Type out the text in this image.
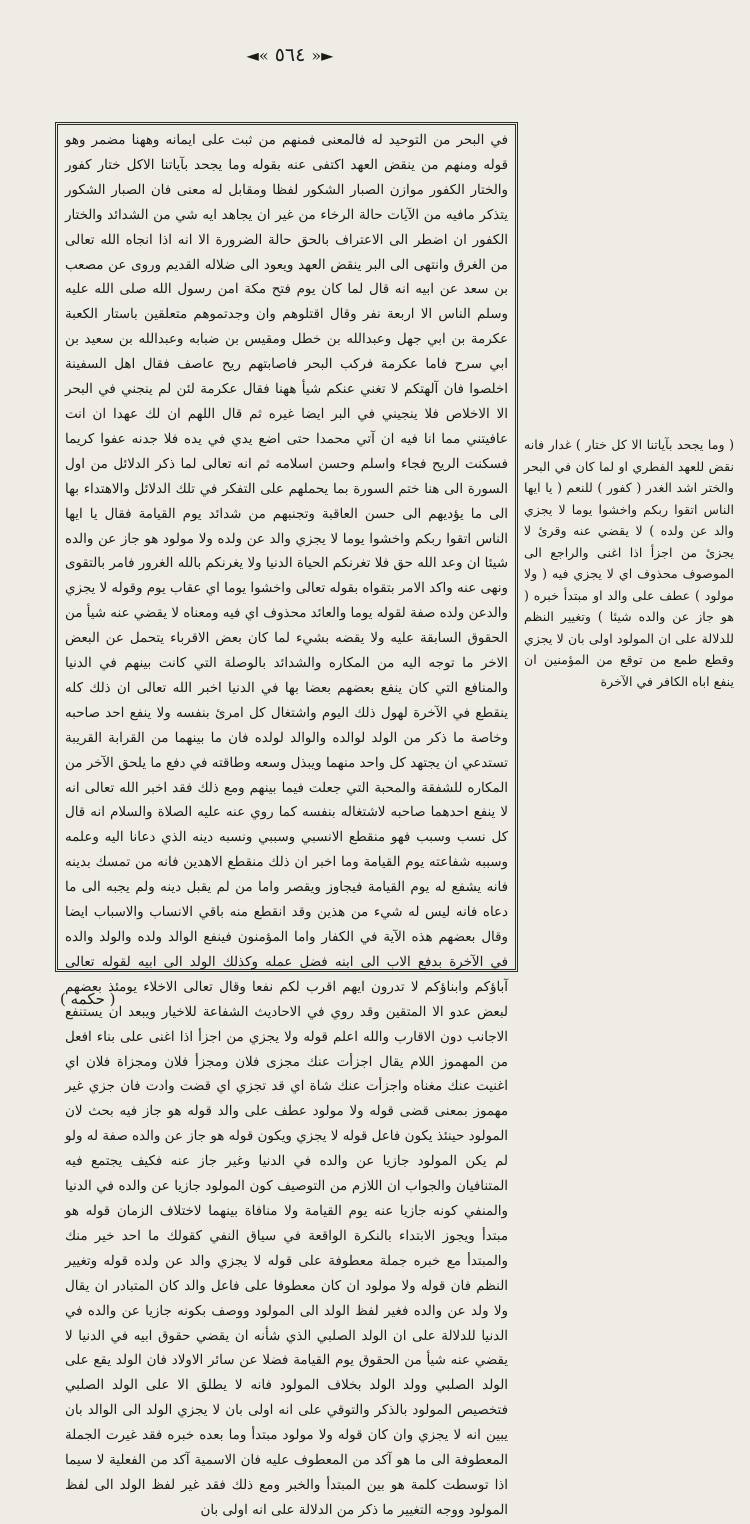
◄« ٥٦٤ »►

في البحر من التوحيد له فالمعنى فمنهم من ثبت على ايمانه وههنا مضمر وهو قوله ومنهم من ينقض العهد اكتفى عنه بقوله وما يجحد بآياتنا الاكل ختار كفور والختار الكفور موازن الصبار الشكور لفظا ومقابل له معنى فان الصبار الشكور يتذكر مافيه من الآيات حالة الرخاء من غير ان يجاهد ايه شي من الشدائد والختار الكفور ان اضطر الى الاعتراف بالحق حالة الضرورة الا انه اذا انجاه الله تعالى من الغرق وانتهى الى البر ينقض العهد ويعود الى ضلاله القديم وروى عن مصعب بن سعد عن ابيه انه قال لما كان يوم فتح مكة امن رسول الله صلى الله عليه وسلم الناس الا اربعة نفر وقال اقتلوهم وان وجدتموهم متعلقين باستار الكعبة عكرمة بن ابي جهل وعبدالله بن خطل ومقيس بن ضبابه وعبدالله بن سعيد بن ابي سرح فاما عكرمة فركب البحر فاصابتهم ريح عاصف فقال اهل السفينة اخلصوا فان آلهتكم لا تغني عنكم شيأ ههنا فقال عكرمة لئن لم ينجني في البحر الا الاخلاص فلا ينجيني في البر ايضا غيره ثم قال اللهم ان لك عهدا ان انت عافيتني مما انا فيه ان آتي محمدا حتى اضع يدي في يده فلا جدنه عفوا كريما فسكنت الريح فجاء واسلم وحسن اسلامه ثم انه تعالى لما ذكر الدلائل من اول السورة الى هنا ختم السورة بما يحملهم على التفكر في تلك الدلائل والاهتداء بها الى ما يؤديهم الى حسن العاقبة وتجنبهم من شدائد يوم القيامة فقال يا ايها الناس اتقوا ربكم واخشوا يوما لا يجزي والد عن ولده ولا مولود هو جاز عن والده شيئا ان وعد الله حق فلا تغرنكم الحياة الدنيا ولا يغرنكم بالله الغرور فامر بالتقوى ونهى عنه واكد الامر بتقواه بقوله تعالى واخشوا يوما اي عقاب يوم وقوله لا يجزي والدعن ولده صفة لقوله يوما والعائد محذوف اي فيه ومعناه لا يقضي عنه شيأ من الحقوق السابقة عليه ولا يقضه بشيء لما كان بعض الاقرباء يتحمل عن البعض الاخر ما توجه اليه من المكاره والشدائد بالوصلة التي كانت بينهم في الدنيا والمنافع التي كان ينفع بعضهم بعضا بها في الدنيا اخبر الله تعالى ان ذلك كله ينقطع في الآخرة لهول ذلك اليوم واشتغال كل امرئ بنفسه ولا ينفع احد صاحبه وخاصة ما ذكر من الولد لوالده والوالد لولده فان ما بينهما من القرابة القريبة تستدعي ان يجتهد كل واحد منهما ويبذل وسعه وطاقته في دفع ما يلحق الآخر من المكاره للشفقة والمحبة التي جعلت فيما بينهم ومع ذلك فقد اخبر الله تعالى انه لا ينفع احدهما صاحبه لاشتغاله بنفسه كما روي عنه عليه الصلاة والسلام انه قال كل نسب وسبب فهو منقطع الانسبي وسببي ونسبه دينه الذي دعانا اليه وعلمه وسببه شفاعته يوم القيامة وما اخبر ان ذلك منقطع الاهدين فانه من تمسك بدينه فانه يشفع له يوم القيامة فيجاوز ويقصر واما من لم يقبل دينه ولم يجبه الى ما دعاه فانه ليس له شيء من هذين وقد انقطع منه باقي الانساب والاسباب ايضا وقال بعضهم هذه الآية في الكفار واما المؤمنون فينفع الوالد ولده والولد والده في الآخرة بدفع الاب الى ابنه فضل عمله وكذلك الولد الى ابيه لقوله تعالى آباؤكم وابناؤكم لا تدرون ايهم اقرب لكم نفعا وقال تعالى الاخلاء يومئذ بعضهم لبعض عدو الا المتقين وقد روي في الاحاديث الشفاعة للاخيار ويبعد ان يستنفع الاجانب دون الاقارب والله اعلم قوله ولا يجزي من اجزأ اذا اغنى على بناء افعل من المهموز اللام يقال اجزأت عنك مجزى فلان ومجزأ فلان ومجزاة فلان اي اغنيت عنك مغناه واجزأت عنك شاة اي قد تجزي اي قضت وادت فان جزي غير مهموز بمعنى قضى قوله ولا مولود عطف على والد قوله هو جاز فيه بحث لان المولود حينئذ يكون فاعل قوله لا يجزي ويكون قوله هو جاز عن والده صفة له ولو لم يكن المولود جازيا عن والده في الدنيا وغير جاز عنه فكيف يجتمع فيه المتنافيان والجواب ان اللازم من التوصيف كون المولود جازيا عن والده في الدنيا والمنفي كونه جازيا عنه يوم القيامة ولا منافاة بينهما لاختلاف الزمان قوله هو مبتدأ ويجوز الابتداء بالنكرة الواقعة في سياق النفي كقولك ما احد خير منك والمبتدأ مع خبره جملة معطوفة على قوله لا يجزي والد عن ولده قوله وتغيير النظم فان قوله ولا مولود ان كان معطوفا على فاعل والد كان المتبادر ان يقال ولا ولد عن والده فغير لفظ الولد الى المولود ووصف بكونه جازيا عن والده في الدنيا للدلالة على ان الولد الصلبي الذي شأنه ان يقضي حقوق ابيه في الدنيا لا يقضي عنه شيأ من الحقوق يوم القيامة فضلا عن سائر الاولاد فان الولد يقع على الولد الصلبي وولد الولد بخلاف المولود فانه لا يطلق الا على الولد الصلبي فتخصيص المولود بالذكر والتوقي على انه اولى بان لا يجزي الولد الى الوالد بان يبين انه لا يجزي وان كان قوله ولا مولود مبتدأ وما بعده خبره فقد غيرت الجملة المعطوفة الى ما هو آكد من المعطوف عليه فان الاسمية آكد من الفعلية لا سيما اذا توسطت كلمة هو بين المبتدأ والخبر ومع ذلك فقد غير لفظ الولد الى لفظ المولود ووجه التغيير ما ذكر من الدلالة على انه اولى بان

( وما يجحد بآياتنا الا كل ختار ) غدار فانه نقض للعهد الفطري او لما كان في البحر والختر اشد الغدر ( كفور ) للنعم ( يا ايها الناس اتقوا ربكم واخشوا يوما لا يجزي والد عن ولده ) لا يقضي عنه وقرئ لا يجزئ من اجزأ اذا اغنى والراجع الى الموصوف محذوف اي لا يجزي فيه ( ولا مولود ) عطف على والد او مبتدأ خبره ( هو جاز عن والده شيئا ) وتغيير النظم للدلالة على ان المولود اولى بان لا يجزي وقطع طمع من توقع من المؤمنين ان ينفع اباه الكافر في الآخرة

( حكمه )
